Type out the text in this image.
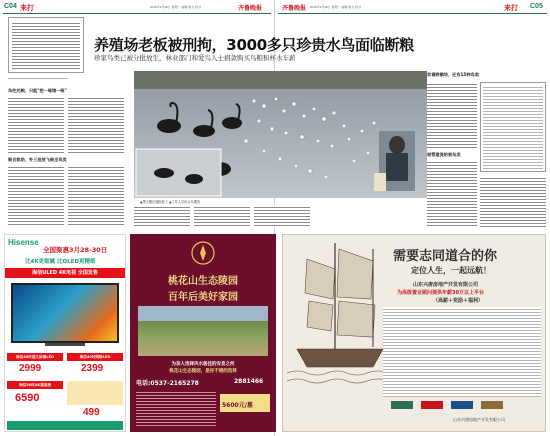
C04 来打	2016年3月28日 星期一 编辑 版式 校对	齐鲁晚报	齐鲁晚报 2016年3月28日 星期一 编辑 版式 校对	来打 C05
养殖场老板被刑拘，3000多只珍贵水鸟面临断粮
珍家鸟类已被分批放生，林业部门和爱鸟人士捐款购买鸟粮积杯水车薪
鸟吃光粮，只能"挖一啄饿一啄"
聚合救助，补三批放飞候全鸟类
▲黑天鹅在湖面游弋 ▲工作人员给水鸟喂食
家看野鹅场，还有15种鸟类
相帮建流助被鸟类
Hisense
全国聚惠3月28-30日
比4K更细腻 比OLED更精细
海信ULED 4K电视 全国发售
海信40吋超大屏幕LED	海信40吋网络LED
2999	2399
海信50吋4K超高清
6590
499
桃花山生态陵园
百年后美好家园
为亲人选择风水极佳的安息之所
桃花山生态陵园，是你不错的选择
电话:0537-2165278	2881466
5600元/墓
需要志同道合的你
定位人生，一起远航！
山东兴唐房地产开发有限公司
为高级置业顾问提供年薪30万以上平台
（高薪＋奖励＋福利）
山东兴唐房地产开发有限公司
